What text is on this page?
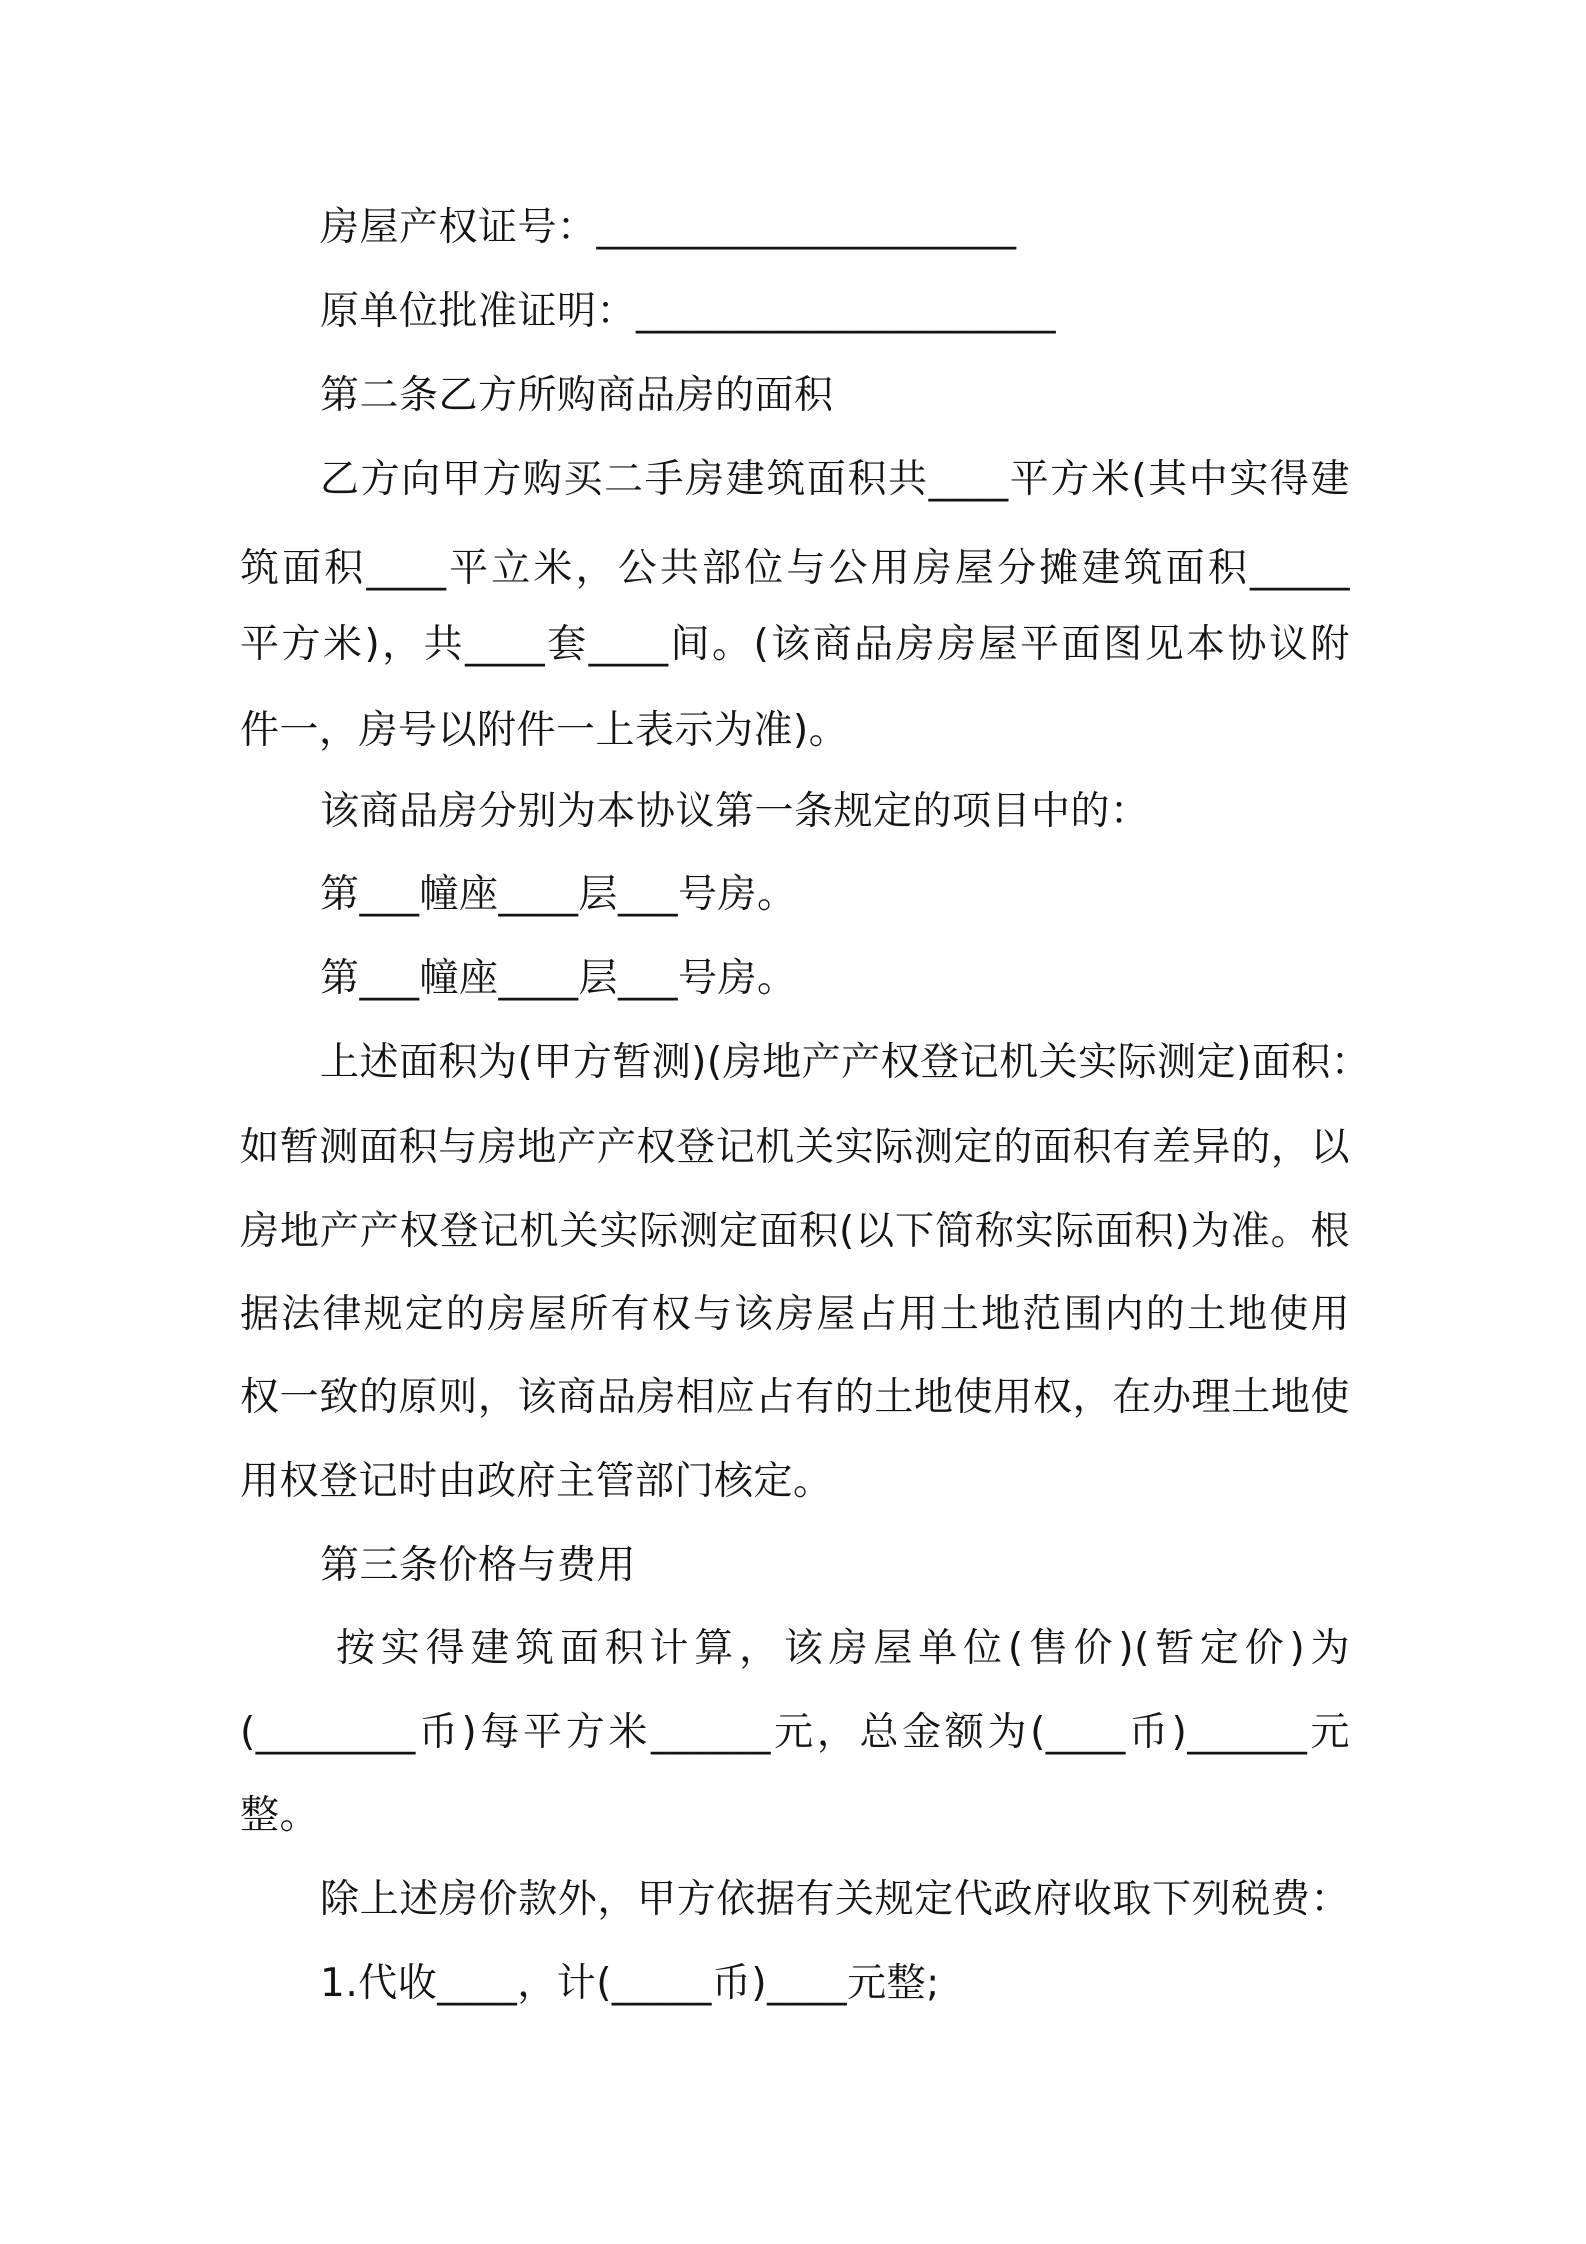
房屋产权证号：_____________________
原单位批准证明：_____________________
第二条乙方所购商品房的面积
乙方向甲方购买二手房建筑面积共____平方米(其中实得建
筑面积____平立米，公共部位与公用房屋分摊建筑面积_____
平方米)，共____套____间。(该商品房房屋平面图见本协议附
件一，房号以附件一上表示为准)。
该商品房分别为本协议第一条规定的项目中的：
第___幢座____层___号房。
第___幢座____层___号房。
上述面积为(甲方暂测)(房地产产权登记机关实际测定)面积：
如暂测面积与房地产产权登记机关实际测定的面积有差异的，以
房地产产权登记机关实际测定面积(以下简称实际面积)为准。根
据法律规定的房屋所有权与该房屋占用土地范围内的土地使用
权一致的原则，该商品房相应占有的土地使用权，在办理土地使
用权登记时由政府主管部门核定。
第三条价格与费用
按实得建筑面积计算，该房屋单位(售价)(暂定价)为
(________币)每平方米______元，总金额为(____币)______元
整。
除上述房价款外，甲方依据有关规定代政府收取下列税费：
1.代收____，计(_____币)____元整;
